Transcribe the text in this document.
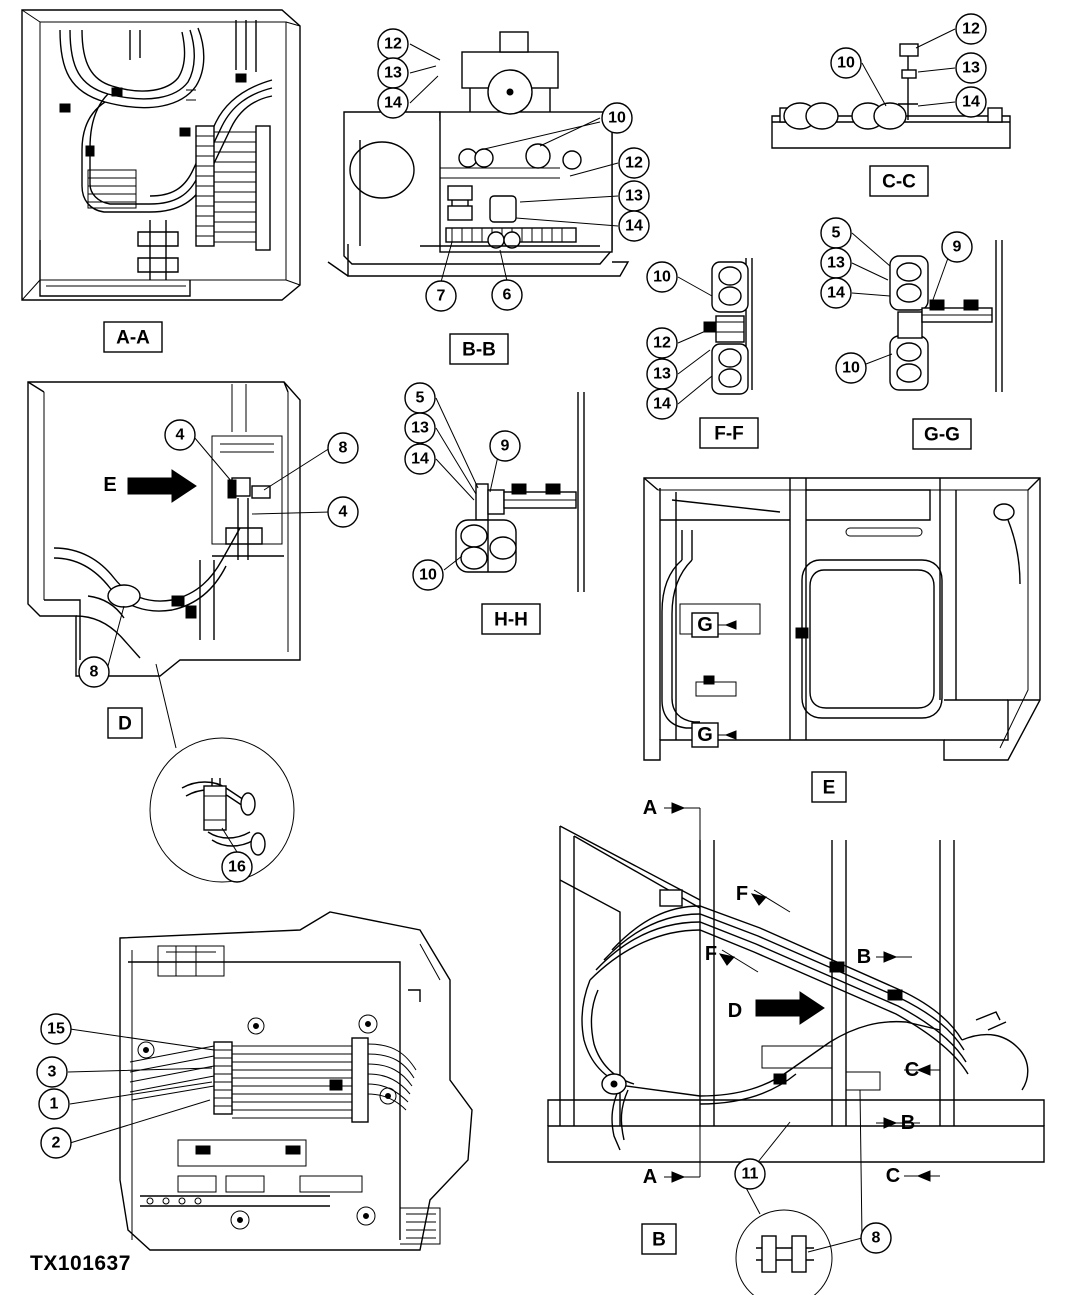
12
13
14
10
12
13
14
7	6
12
10	13
14
10
12
13
14
5
13
14
9
10
5
13
14
9
10
4
8
4
8
16
15
3
1
2
11
8
A
A
F
F	B
B
C
C
D
E
G
G
A-A
B-B
C-C
F-F	G-G
H-H
D
E
B
TX101637
